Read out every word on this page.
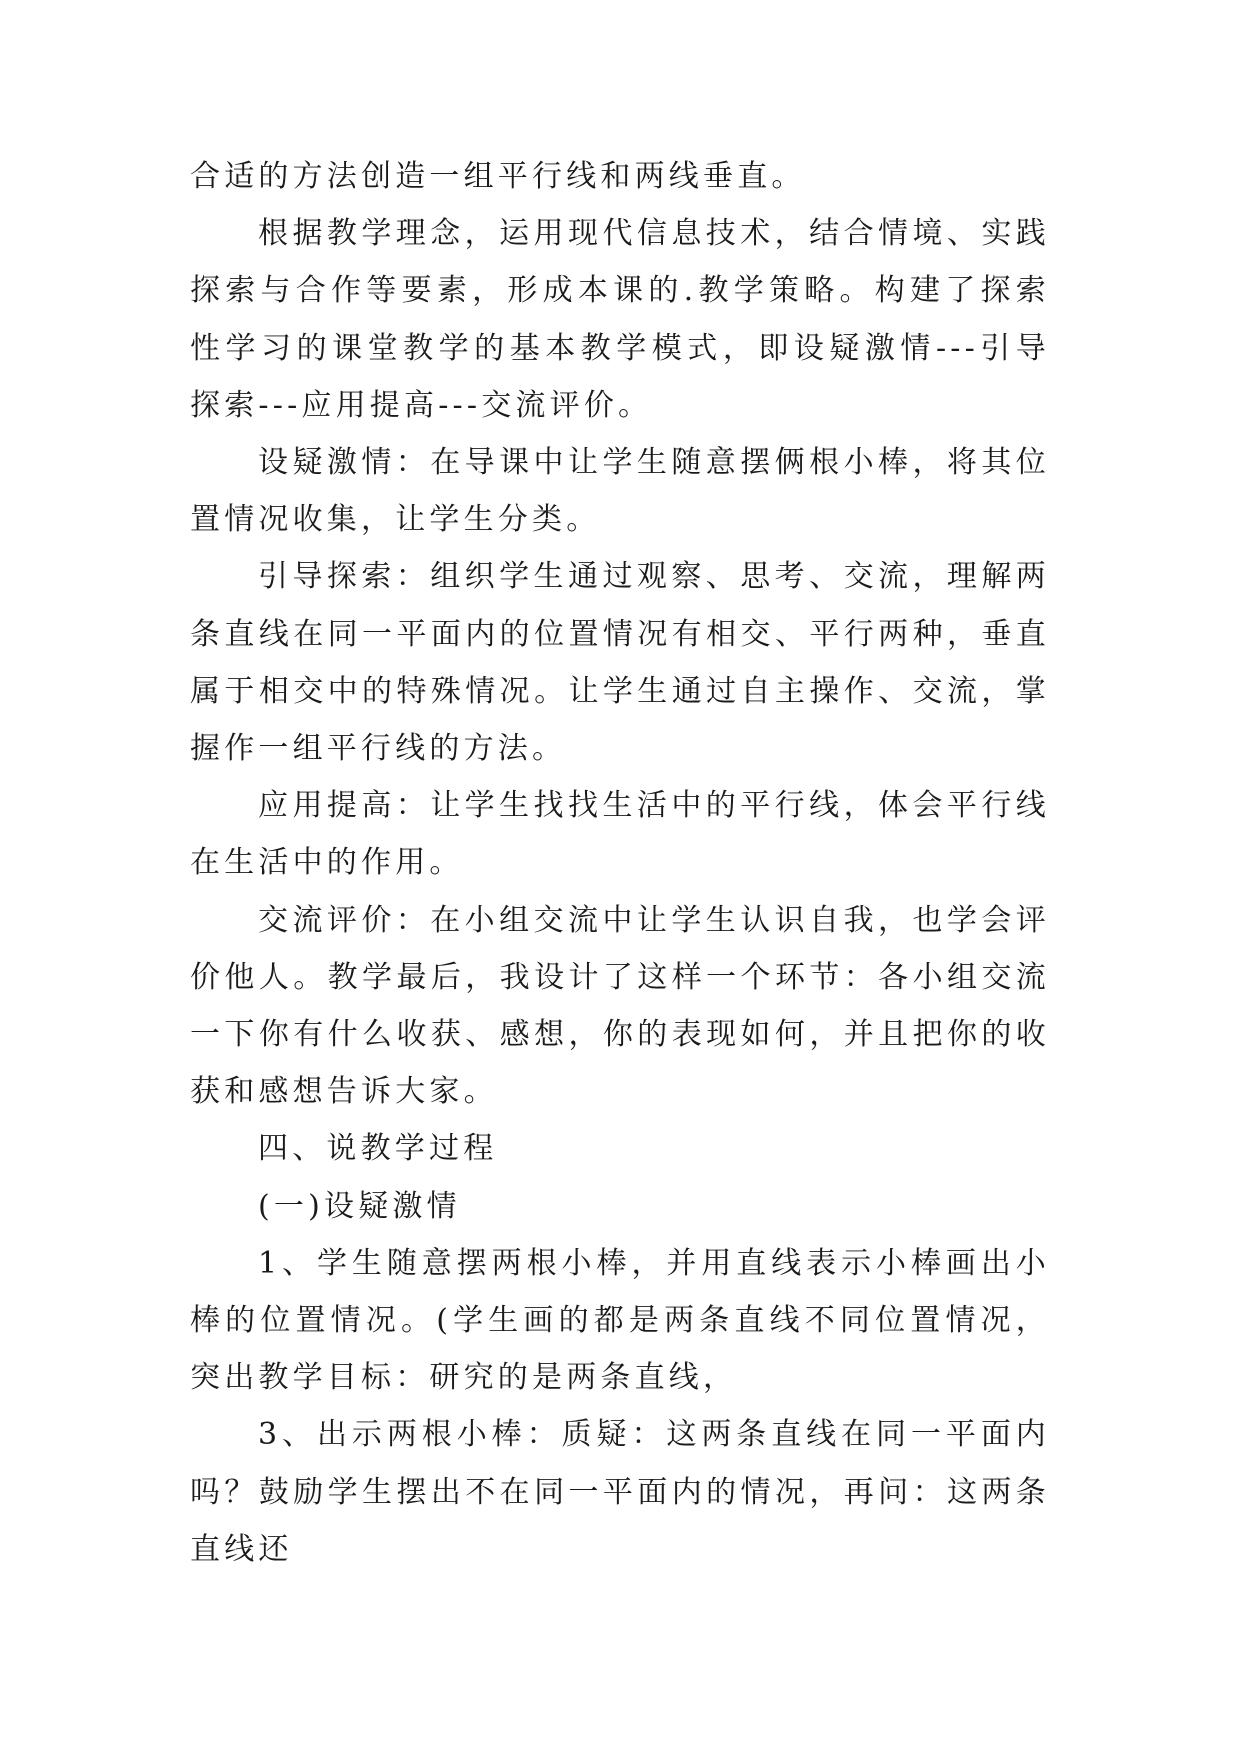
合适的方法创造一组平行线和两线垂直。

根据教学理念，运用现代信息技术，结合情境、实践探索与合作等要素，形成本课的.教学策略。构建了探索性学习的课堂教学的基本教学模式，即设疑激情---引导探索---应用提高---交流评价。

设疑激情：在导课中让学生随意摆俩根小棒，将其位置情况收集，让学生分类。

引导探索：组织学生通过观察、思考、交流，理解两条直线在同一平面内的位置情况有相交、平行两种，垂直属于相交中的特殊情况。让学生通过自主操作、交流，掌握作一组平行线的方法。

应用提高：让学生找找生活中的平行线，体会平行线在生活中的作用。

交流评价：在小组交流中让学生认识自我，也学会评价他人。教学最后，我设计了这样一个环节：各小组交流一下你有什么收获、感想，你的表现如何，并且把你的收获和感想告诉大家。

四、说教学过程

(一)设疑激情

1、学生随意摆两根小棒，并用直线表示小棒画出小棒的位置情况。(学生画的都是两条直线不同位置情况，突出教学目标：研究的是两条直线，

3、出示两根小棒：质疑：这两条直线在同一平面内吗？鼓励学生摆出不在同一平面内的情况，再问：这两条直线还
